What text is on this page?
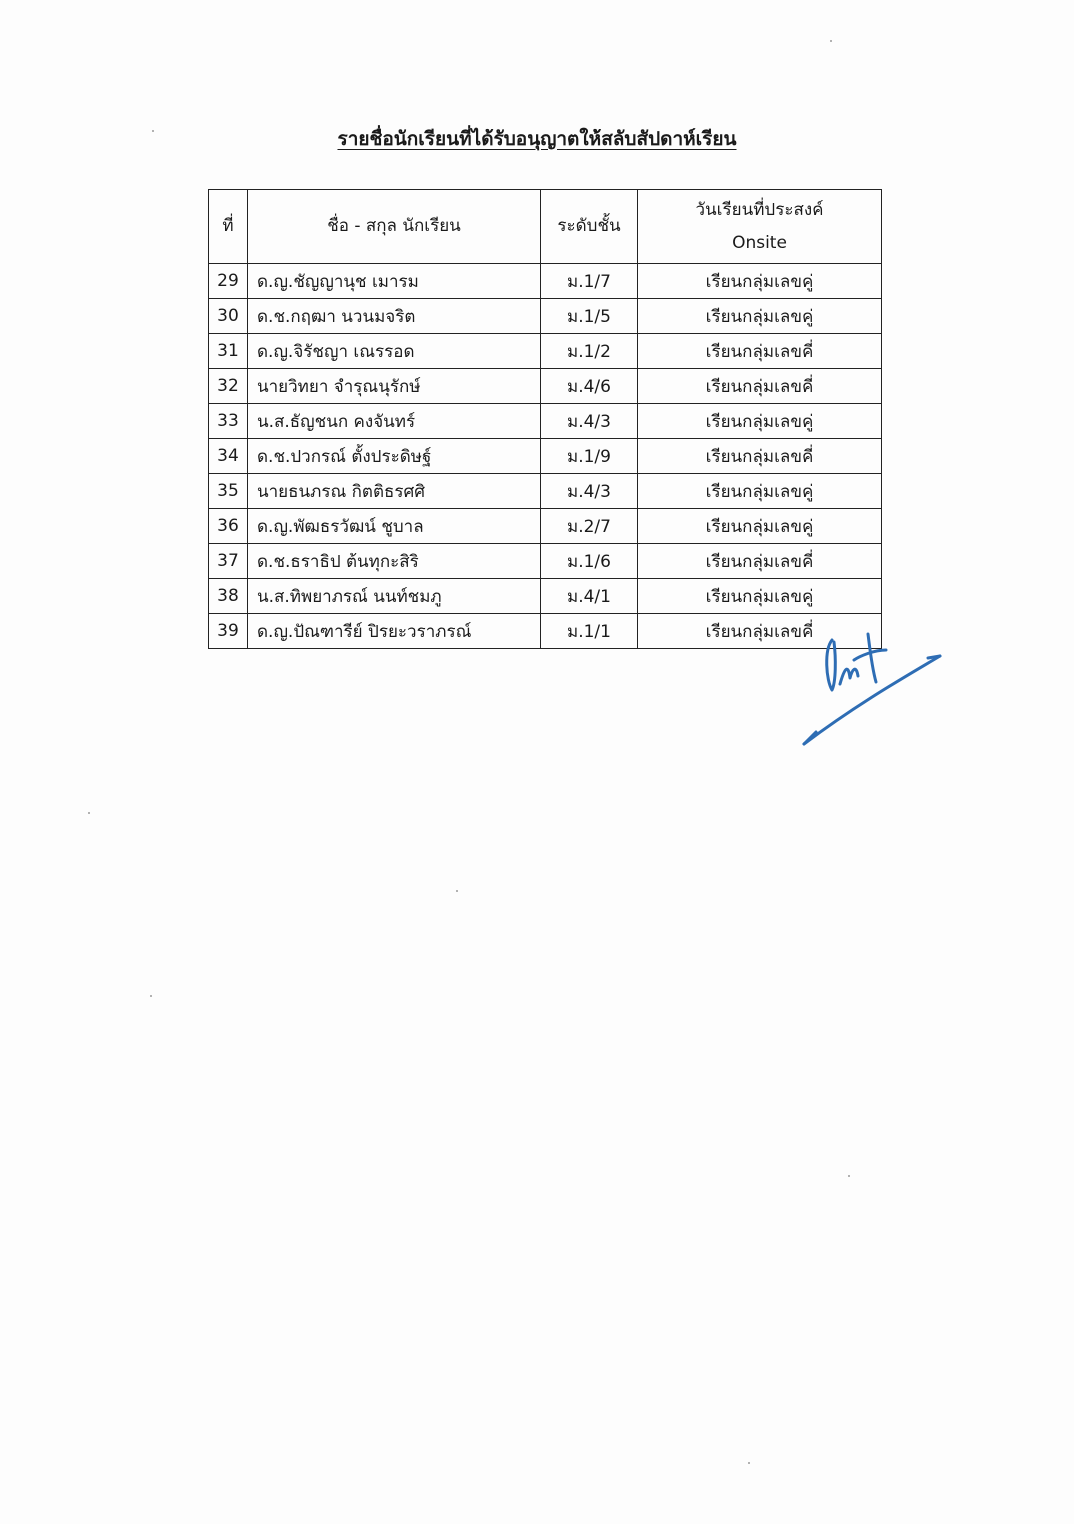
รายชื่อนักเรียนที่ได้รับอนุญาตให้สลับสัปดาห์เรียน
ที่	ชื่อ - สกุล นักเรียน	ระดับชั้น	วันเรียนที่ประสงค์
Onsite

29	ด.ญ.ชัญญานุช เมารม	ม.1/7	เรียนกลุ่มเลขคู่
30	ด.ช.กฤฒา นวนมจริต	ม.1/5	เรียนกลุ่มเลขคู่
31	ด.ญ.จิรัชญา เณรรอด	ม.1/2	เรียนกลุ่มเลขคี่
32	นายวิทยา จำรุณนุรักษ์	ม.4/6	เรียนกลุ่มเลขคี่
33	น.ส.ธัญชนก คงจันทร์	ม.4/3	เรียนกลุ่มเลขคู่
34	ด.ช.ปวกรณ์ ตั้งประดิษฐ์	ม.1/9	เรียนกลุ่มเลขคี่
35	นายธนภรณ กิตติธรศศิ	ม.4/3	เรียนกลุ่มเลขคู่
36	ด.ญ.พัฒธรวัฒน์ ชูบาล	ม.2/7	เรียนกลุ่มเลขคู่
37	ด.ช.ธราธิป ต้นทุกะสิริ	ม.1/6	เรียนกลุ่มเลขคี่
38	น.ส.ทิพยาภรณ์ นนท์ชมภู	ม.4/1	เรียนกลุ่มเลขคู่
39	ด.ญ.ปัณฑารีย์ ปิรยะวราภรณ์	ม.1/1	เรียนกลุ่มเลขคี่
